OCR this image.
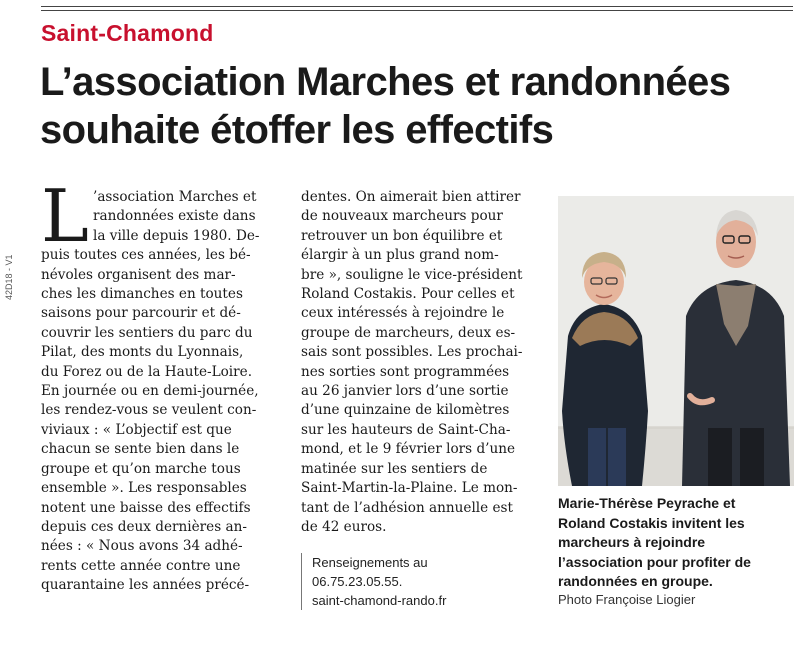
Saint-Chamond
L’association Marches et randonnées
souhaite étoffer les effectifs
42D18 - V1
L ’association Marches et
randonnées existe dans
la ville depuis 1980. De-
puis toutes ces années, les bé-
névoles organisent des mar-
ches les dimanches en toutes
saisons pour parcourir et dé-
couvrir les sentiers du parc du
Pilat, des monts du Lyonnais,
du Forez ou de la Haute-Loire.
En journée ou en demi-journée,
les rendez-vous se veulent con-
viviaux : « L’objectif est que
chacun se sente bien dans le
groupe et qu’on marche tous
ensemble ». Les responsables
notent une baisse des effectifs
depuis ces deux dernières an-
nées : « Nous avons 34 adhé-
rents cette année contre une
quarantaine les années précé-
dentes. On aimerait bien attirer
de nouveaux marcheurs pour
retrouver un bon équilibre et
élargir à un plus grand nom-
bre », souligne le vice-président
Roland Costakis. Pour celles et
ceux intéressés à rejoindre le
groupe de marcheurs, deux es-
sais sont possibles. Les prochai-
nes sorties sont programmées
au 26 janvier lors d’une sortie
d’une quinzaine de kilomètres
sur les hauteurs de Saint-Cha-
mond, et le 9 février lors d’une
matinée sur les sentiers de
Saint-Martin-la-Plaine. Le mon-
tant de l’adhésion annuelle est
de 42 euros.
Renseignements au
06.75.23.05.55.
saint-chamond-rando.fr
Marie-Thérèse Peyrache et
Roland Costakis invitent les
marcheurs à rejoindre
l’association pour profiter de
randonnées en groupe.
Photo Françoise Liogier
